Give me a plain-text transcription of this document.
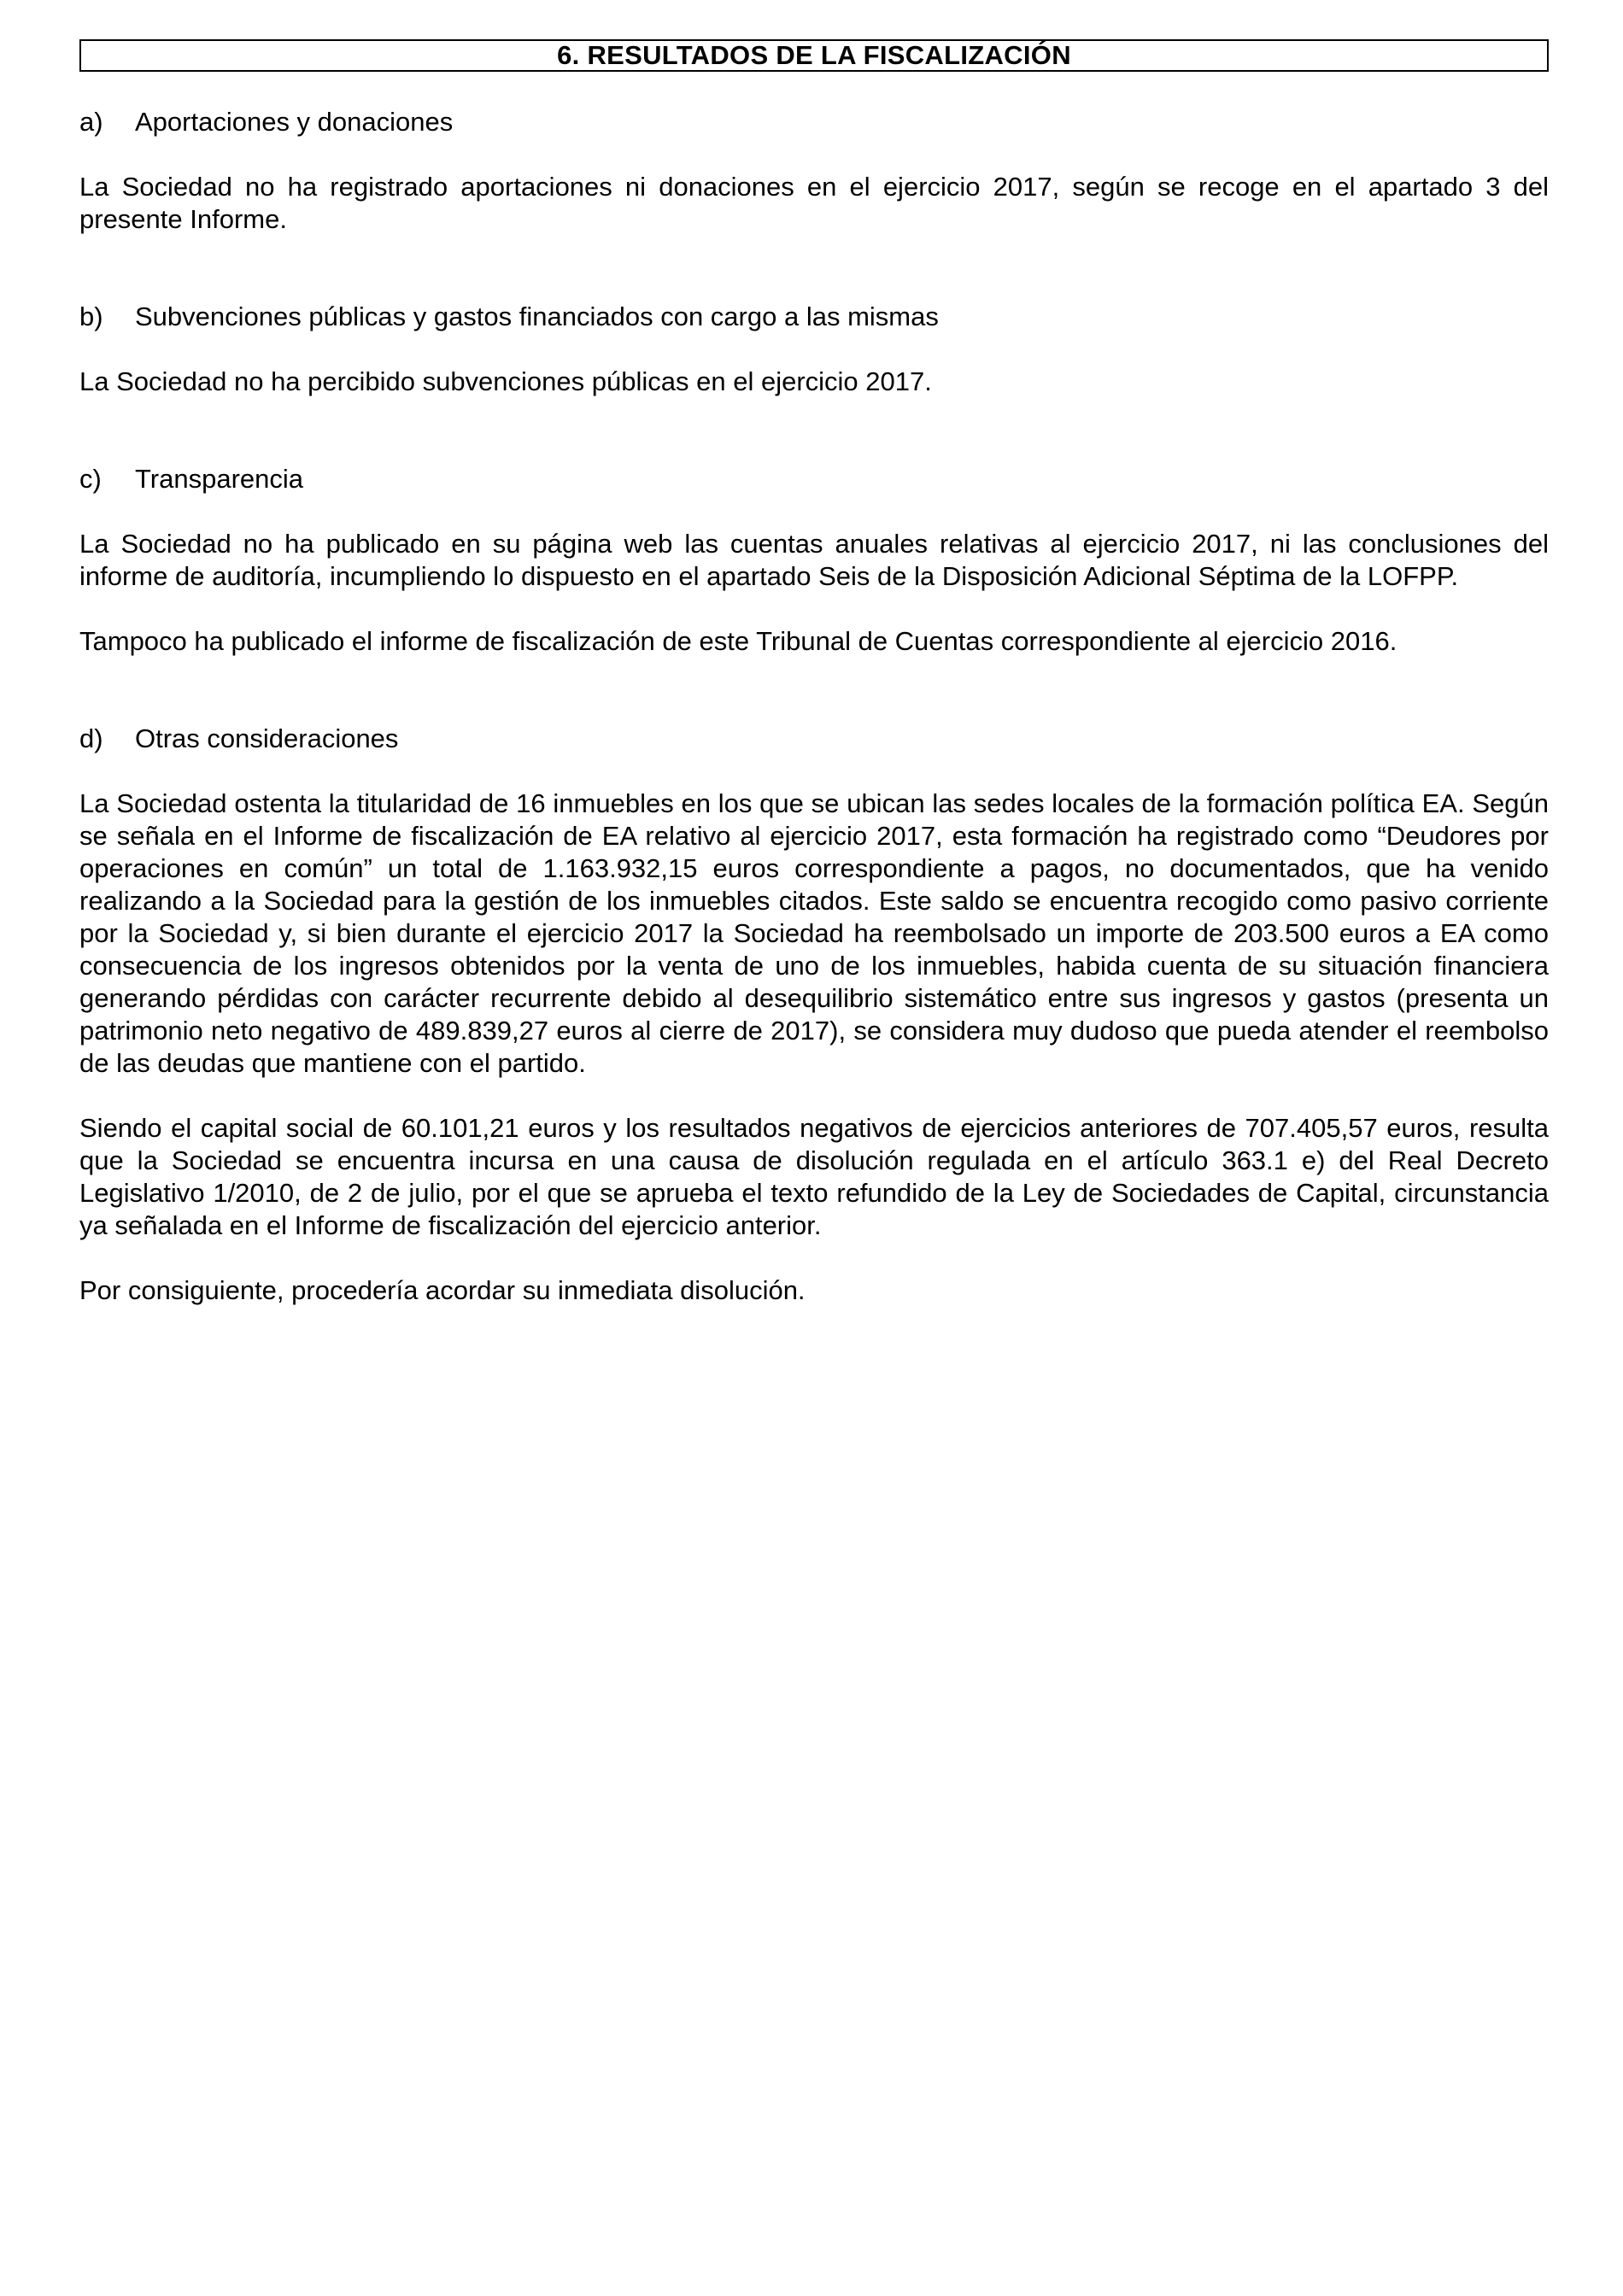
6. RESULTADOS DE LA FISCALIZACIÓN
a)	Aportaciones y donaciones

La Sociedad no ha registrado aportaciones ni donaciones en el ejercicio 2017, según se recoge en el apartado 3 del presente Informe.

b)	Subvenciones públicas y gastos financiados con cargo a las mismas

La Sociedad no ha percibido subvenciones públicas en el ejercicio 2017.

c)	Transparencia

La Sociedad no ha publicado en su página web las cuentas anuales relativas al ejercicio 2017, ni las conclusiones del informe de auditoría, incumpliendo lo dispuesto en el apartado Seis de la Disposición Adicional Séptima de la LOFPP.

Tampoco ha publicado el informe de fiscalización de este Tribunal de Cuentas correspondiente al ejercicio 2016.

d)	Otras consideraciones

La Sociedad ostenta la titularidad de 16 inmuebles en los que se ubican las sedes locales de la formación política EA. Según se señala en el Informe de fiscalización de EA relativo al ejercicio 2017, esta formación ha registrado como “Deudores por operaciones en común” un total de 1.163.932,15 euros correspondiente a pagos, no documentados, que ha venido realizando a la Sociedad para la gestión de los inmuebles citados. Este saldo se encuentra recogido como pasivo corriente por la Sociedad y, si bien durante el ejercicio 2017 la Sociedad ha reembolsado un importe de 203.500 euros a EA como consecuencia de los ingresos obtenidos por la venta de uno de los inmuebles, habida cuenta de su situación financiera generando pérdidas con carácter recurrente debido al desequilibrio sistemático entre sus ingresos y gastos (presenta un patrimonio neto negativo de 489.839,27 euros al cierre de 2017), se considera muy dudoso que pueda atender el reembolso de las deudas que mantiene con el partido.

Siendo el capital social de 60.101,21 euros y los resultados negativos de ejercicios anteriores de 707.405,57 euros, resulta que la Sociedad se encuentra incursa en una causa de disolución regulada en el artículo 363.1 e) del Real Decreto Legislativo 1/2010, de 2 de julio, por el que se aprueba el texto refundido de la Ley de Sociedades de Capital, circunstancia ya señalada en el Informe de fiscalización del ejercicio anterior.

Por consiguiente, procedería acordar su inmediata disolución.
